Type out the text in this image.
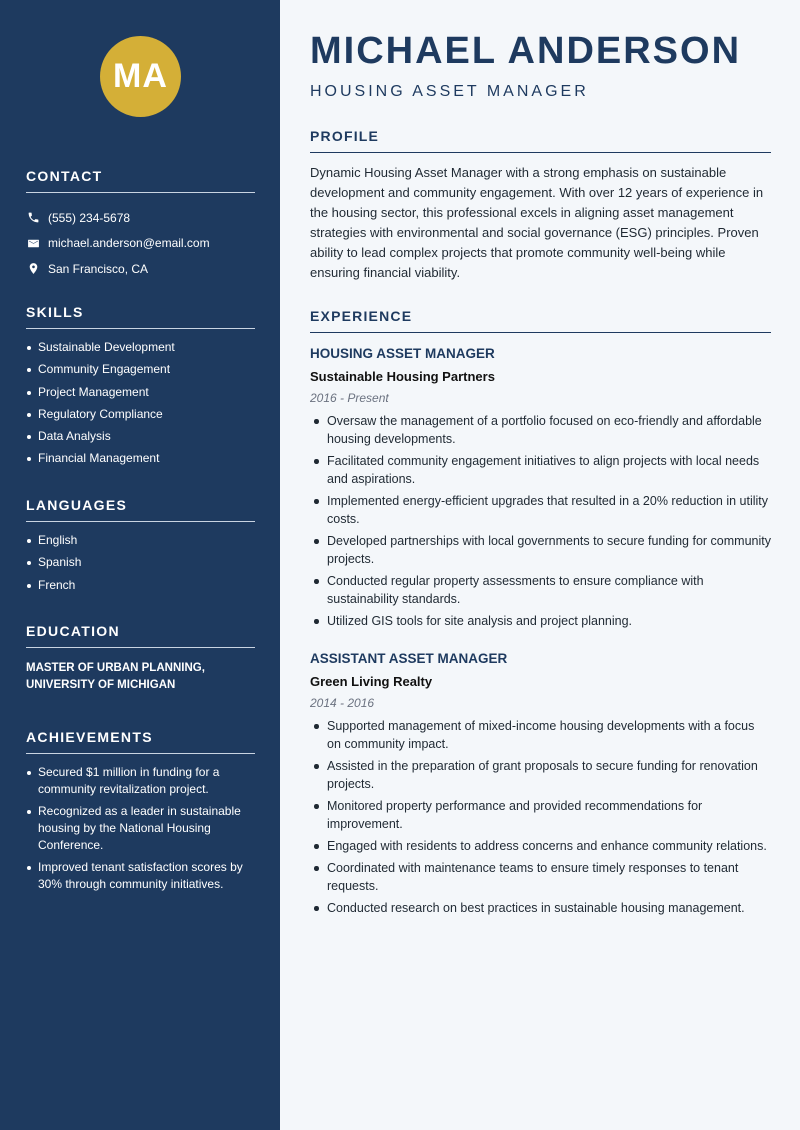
MA
CONTACT
(555) 234-5678
michael.anderson@email.com
San Francisco, CA
SKILLS
Sustainable Development
Community Engagement
Project Management
Regulatory Compliance
Data Analysis
Financial Management
LANGUAGES
English
Spanish
French
EDUCATION
MASTER OF URBAN PLANNING,
UNIVERSITY OF MICHIGAN
ACHIEVEMENTS
Secured $1 million in funding for a community revitalization project.
Recognized as a leader in sustainable housing by the National Housing Conference.
Improved tenant satisfaction scores by 30% through community initiatives.
MICHAEL ANDERSON
HOUSING ASSET MANAGER
PROFILE

Dynamic Housing Asset Manager with a strong emphasis on sustainable development and community engagement. With over 12 years of experience in the housing sector, this professional excels in aligning asset management strategies with environmental and social governance (ESG) principles. Proven ability to lead complex projects that promote community well-being while ensuring financial viability.

EXPERIENCE
HOUSING ASSET MANAGER
Sustainable Housing Partners
2016 - Present
Oversaw the management of a portfolio focused on eco-friendly and affordable housing developments.
Facilitated community engagement initiatives to align projects with local needs and aspirations.
Implemented energy-efficient upgrades that resulted in a 20% reduction in utility costs.
Developed partnerships with local governments to secure funding for community projects.
Conducted regular property assessments to ensure compliance with sustainability standards.
Utilized GIS tools for site analysis and project planning.
ASSISTANT ASSET MANAGER
Green Living Realty
2014 - 2016
Supported management of mixed-income housing developments with a focus on community impact.
Assisted in the preparation of grant proposals to secure funding for renovation projects.
Monitored property performance and provided recommendations for improvement.
Engaged with residents to address concerns and enhance community relations.
Coordinated with maintenance teams to ensure timely responses to tenant requests.
Conducted research on best practices in sustainable housing management.
